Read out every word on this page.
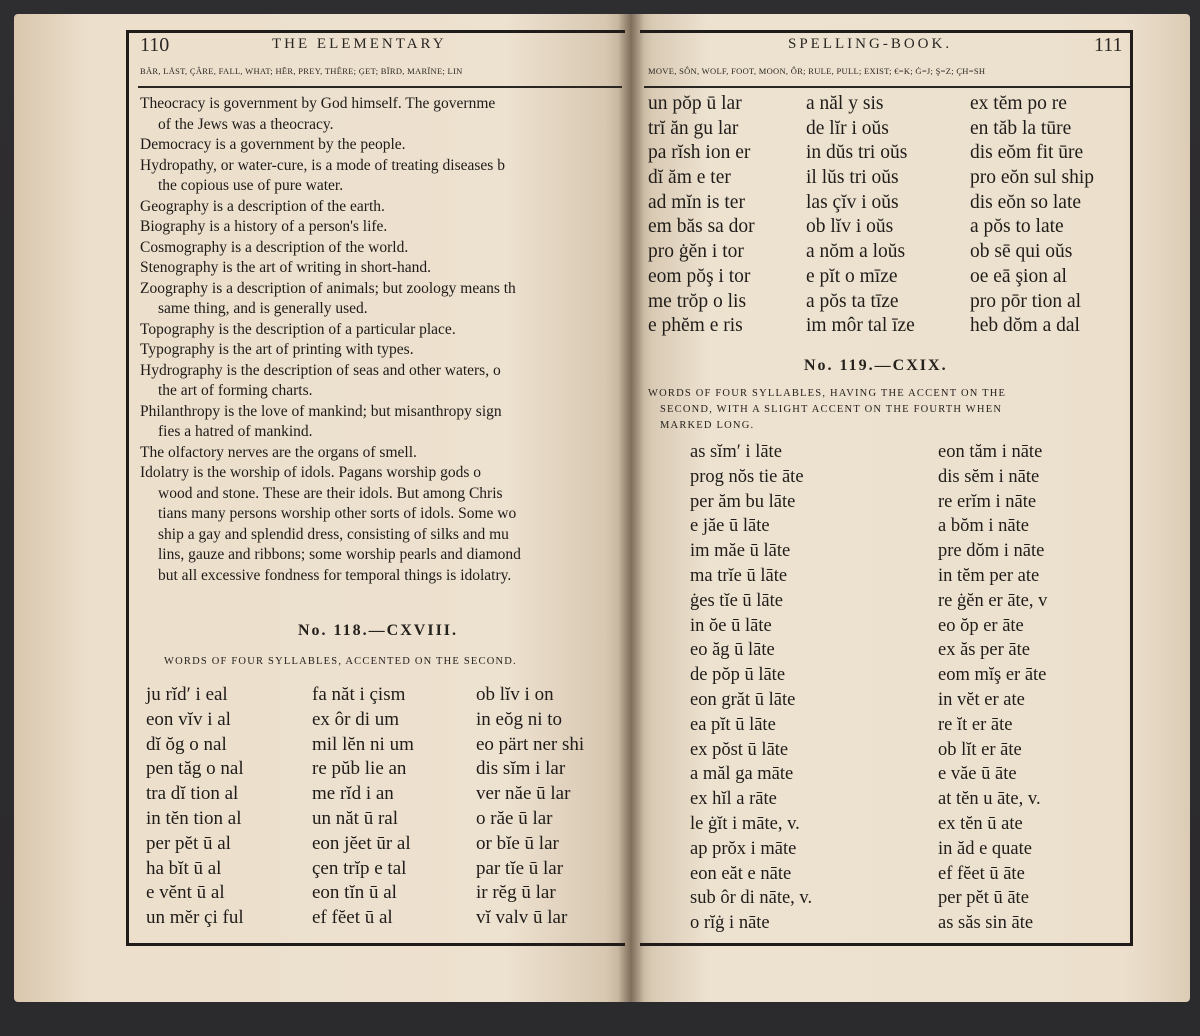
110	THE ELEMENTARY
BÄR, LÅST, ÇÂRE, FALL, WHAT; HẼR, PREY, THÊRE; ĢET; BÏRD, MARÏNE; LIN
SPELLING-BOOK.	111
MOVE, SÔN, WOLF, FOOT, MOON, ÔR; RULE, PULL; EXIST; €=K; Ġ=J; Ş=Z; ÇH=SH
Theocracy is government by God himself. The governme
of the Jews was a theocracy.
Democracy is a government by the people.
Hydropathy, or water-cure, is a mode of treating diseases b
the copious use of pure water.
Geography is a description of the earth.
Biography is a history of a person's life.
Cosmography is a description of the world.
Stenography is the art of writing in short-hand.
Zoography is a description of animals; but zoology means th
same thing, and is generally used.
Topography is the description of a particular place.
Typography is the art of printing with types.
Hydrography is the description of seas and other waters, o
the art of forming charts.
Philanthropy is the love of mankind; but misanthropy sign
fies a hatred of mankind.
The olfactory nerves are the organs of smell.
Idolatry is the worship of idols. Pagans worship gods o
wood and stone. These are their idols. But among Chris
tians many persons worship other sorts of idols. Some wo
ship a gay and splendid dress, consisting of silks and mu
lins, gauze and ribbons; some worship pearls and diamond
but all excessive fondness for temporal things is idolatry.
No. 118.—CXVIII.
WORDS OF FOUR SYLLABLES, ACCENTED ON THE SECOND.
ju rĭd′ i eal
eon vĭv i al
dĭ ŏg o nal
pen tăg o nal
tra dĭ tion al
in tĕn tion al
per pĕt ū al
ha bĭt ū al
e vĕnt ū al
un mĕr çi ful
fa năt i çism
ex ôr di um
mil lĕn ni um
re pŭb lie an
me rĭd i an
un năt ū ral
eon jĕet ūr al
çen trĭp e tal
eon tĭn ū al
ef fĕet ū al
ob lĭv i on
in eŏg ni to
eo pärt ner shi
dis sĭm i lar
ver năe ū lar
o răe ū lar
or bĭe ū lar
par tĭe ū lar
ir rĕg ū lar
vĭ valv ū lar
un pŏp ū lar
trĭ ăn gu lar
pa rĭsh ion er
dĭ ăm e ter
ad mĭn is ter
em băs sa dor
pro ġĕn i tor
eom pŏş i tor
me trŏp o lis
e phĕm e ris
a năl y sis
de lĭr i oŭs
in dŭs tri oŭs
il lŭs tri oŭs
las çĭv i oŭs
ob lĭv i oŭs
a nŏm a loŭs
e pĭt o mīze
a pŏs ta tīze
im môr tal īze
ex tĕm po re
en tăb la tūre
dis eŏm fit ūre
pro eŏn sul ship
dis eŏn so late
a pŏs to late
ob sē qui oŭs
oe eā şion al
pro pōr tion al
heb dŏm a dal
No. 119.—CXIX.
WORDS OF FOUR SYLLABLES, HAVING THE ACCENT ON THE
SECOND, WITH A SLIGHT ACCENT ON THE FOURTH WHEN
MARKED LONG.
as sĭm′ i lāte
prog nŏs tie āte
per ăm bu lāte
e jăe ū lāte
im măe ū lāte
ma trĭe ū lāte
ġes tĭe ū lāte
in ŏe ū lāte
eo ăg ū lāte
de pŏp ū lāte
eon grăt ū lāte
ea pĭt ū lāte
ex pŏst ū lāte
a măl ga māte
ex hĭl a rāte
le ġĭt i māte, v.
ap prŏx i māte
eon eăt e nāte
sub ôr di nāte, v.
o rĭġ i nāte
eon tăm i nāte
dis sĕm i nāte
re erĭm i nāte
a bŏm i nāte
pre dŏm i nāte
in tĕm per ate
re ġĕn er āte, v
eo ŏp er āte
ex ăs per āte
eom mĭş er āte
in vĕt er ate
re ĭt er āte
ob lĭt er āte
e văe ū āte
at tĕn u āte, v.
ex tĕn ū ate
in ăd e quate
ef fĕet ū āte
per pĕt ū āte
as săs sin āte
